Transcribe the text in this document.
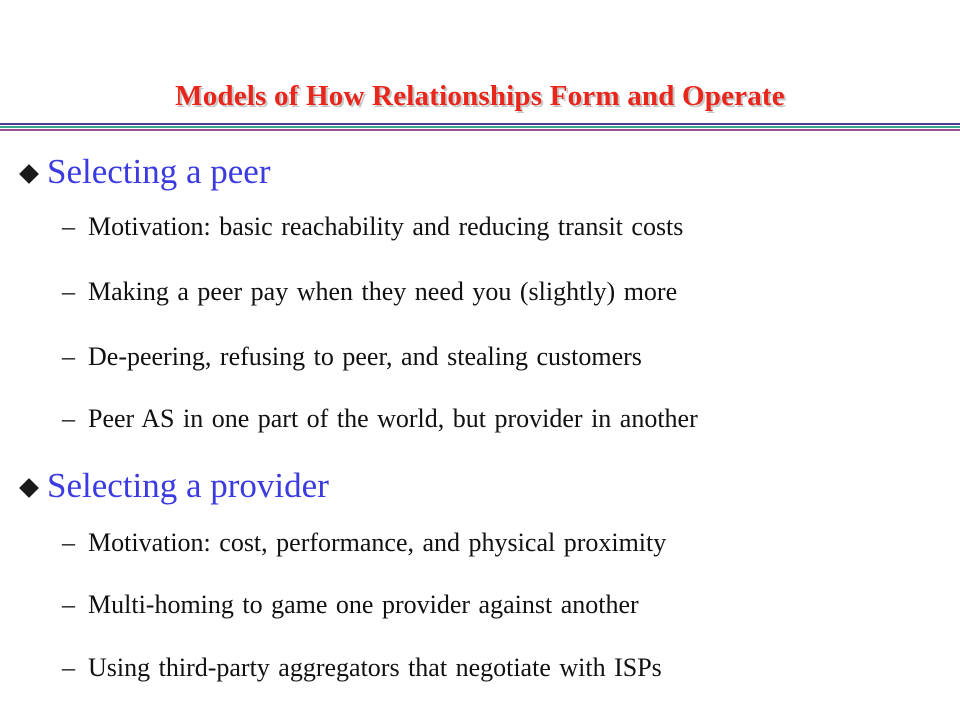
Models of How Relationships Form and Operate
Selecting a peer
– Motivation: basic reachability and reducing transit costs
– Making a peer pay when they need you (slightly) more
– De-peering, refusing to peer, and stealing customers
– Peer AS in one part of the world, but provider in another
Selecting a provider
– Motivation: cost, performance, and physical proximity
– Multi-homing to game one provider against another
– Using third-party aggregators that negotiate with ISPs
